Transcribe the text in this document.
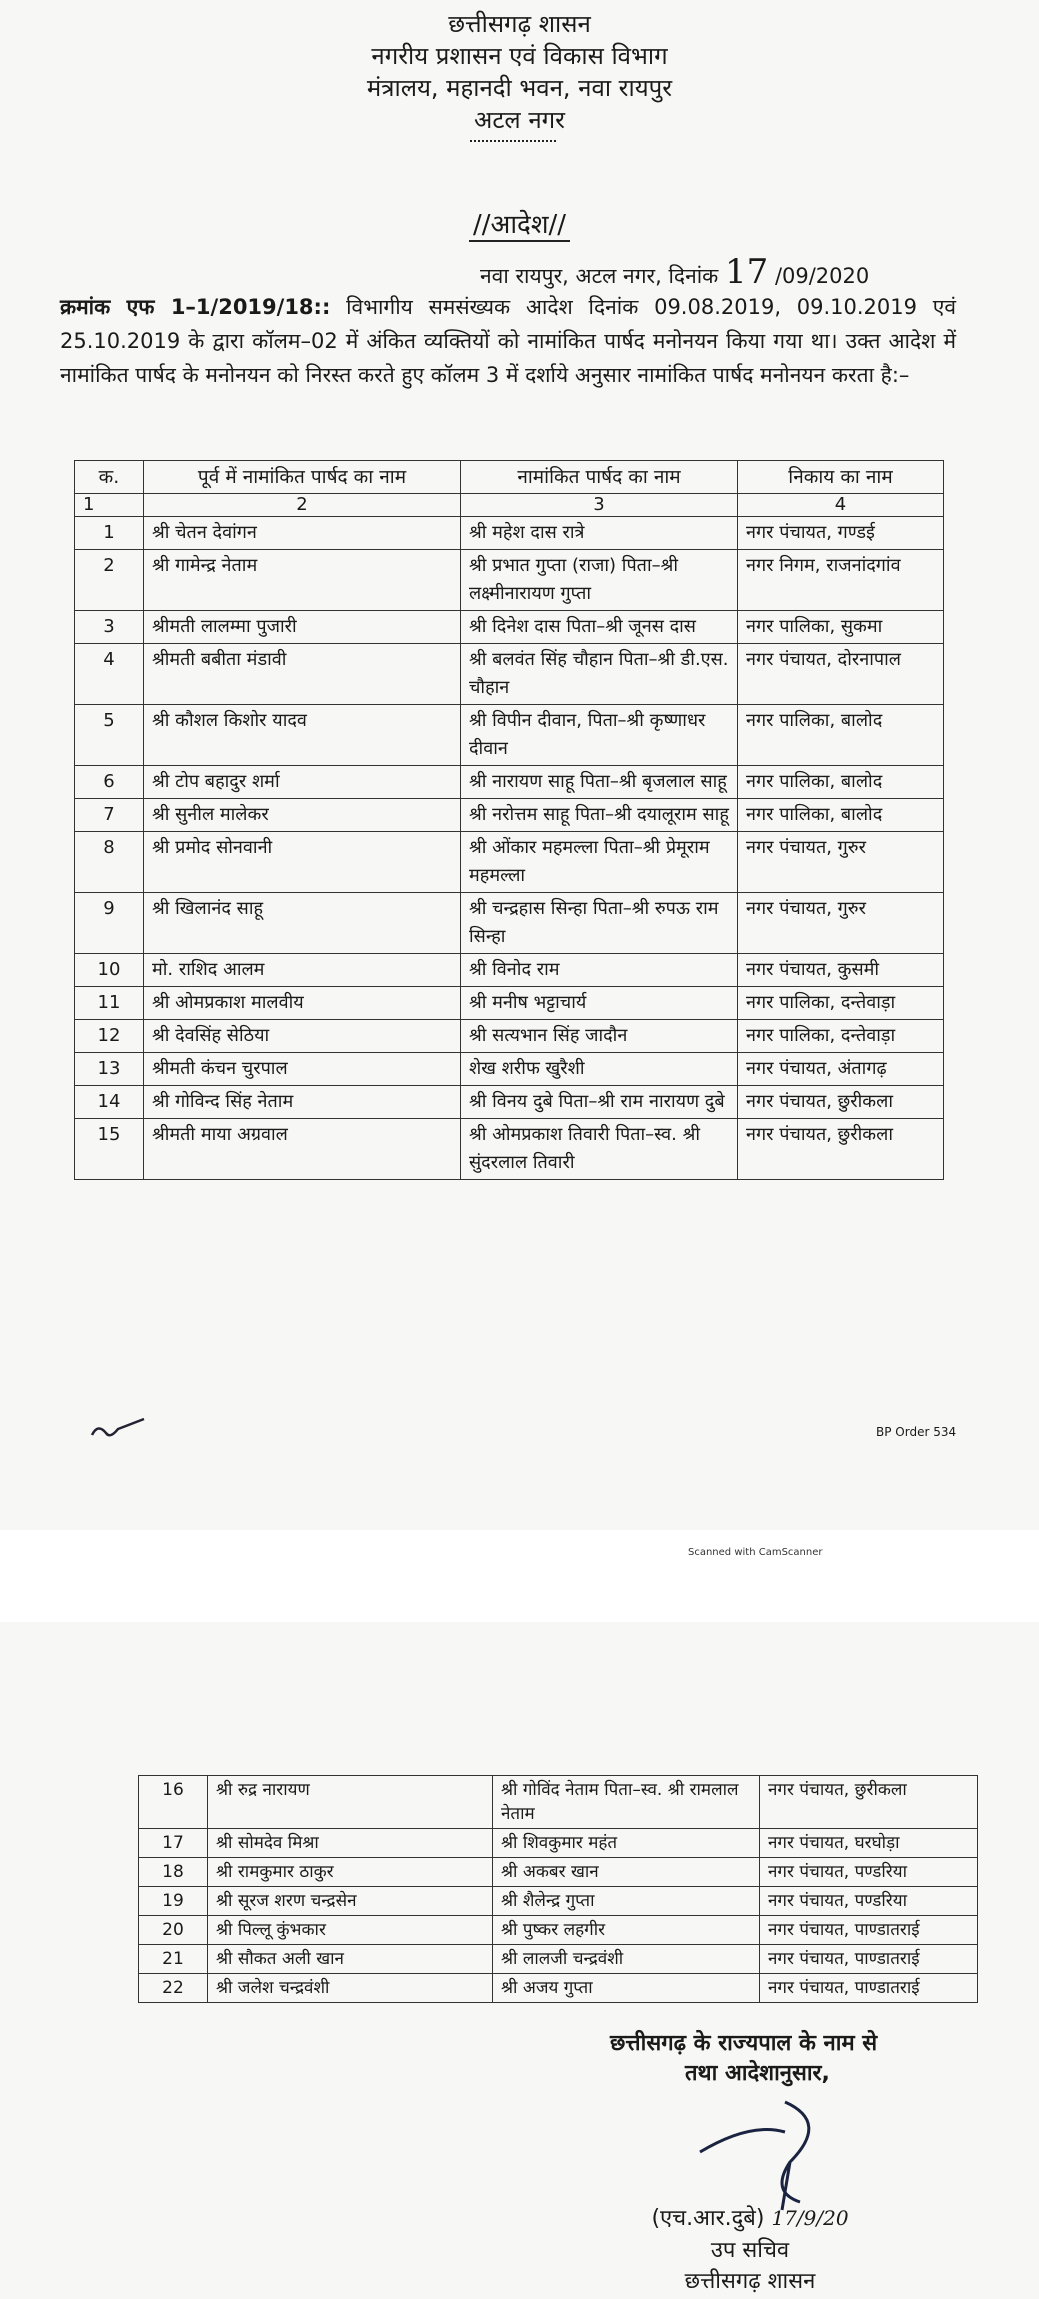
छत्तीसगढ़ शासन
नगरीय प्रशासन एवं विकास विभाग
मंत्रालय, महानदी भवन, नवा रायपुर
अटल नगर
//आदेश//
नवा रायपुर, अटल नगर, दिनांक 17 /09/2020
क्रमांक एफ 1–1/2019/18:: विभागीय समसंख्यक आदेश दिनांक 09.08.2019, 09.10.2019 एवं 25.10.2019 के द्वारा कॉलम–02 में अंकित व्यक्तियों को नामांकित पार्षद मनोनयन किया गया था। उक्त आदेश में नामांकित पार्षद के मनोनयन को निरस्त करते हुए कॉलम 3 में दर्शाये अनुसार नामांकित पार्षद मनोनयन करता है:–
क.	पूर्व में नामांकित पार्षद का नाम	नामांकित पार्षद का नाम	निकाय का नाम
1	2	3	4
1	श्री चेतन देवांगन	श्री महेश दास रात्रे	नगर पंचायत, गण्डई
2	श्री गामेन्द्र नेताम	श्री प्रभात गुप्ता (राजा) पिता–श्री लक्ष्मीनारायण गुप्ता	नगर निगम, राजनांदगांव
3	श्रीमती लालम्मा पुजारी	श्री दिनेश दास पिता–श्री जूनस दास	नगर पालिका, सुकमा
4	श्रीमती बबीता मंडावी	श्री बलवंत सिंह चौहान पिता–श्री डी.एस. चौहान	नगर पंचायत, दोरनापाल
5	श्री कौशल किशोर यादव	श्री विपीन दीवान, पिता–श्री कृष्णाधर दीवान	नगर पालिका, बालोद
6	श्री टोप बहादुर शर्मा	श्री नारायण साहू पिता–श्री बृजलाल साहू	नगर पालिका, बालोद
7	श्री सुनील मालेकर	श्री नरोत्तम साहू पिता–श्री दयालूराम साहू	नगर पालिका, बालोद
8	श्री प्रमोद सोनवानी	श्री ओंकार महमल्ला पिता–श्री प्रेमूराम महमल्ला	नगर पंचायत, गुरुर
9	श्री खिलानंद साहू	श्री चन्द्रहास सिन्हा पिता–श्री रुपऊ राम सिन्हा	नगर पंचायत, गुरुर
10	मो. राशिद आलम	श्री विनोद राम	नगर पंचायत, कुसमी
11	श्री ओमप्रकाश मालवीय	श्री मनीष भट्टाचार्य	नगर पालिका, दन्तेवाड़ा
12	श्री देवसिंह सेठिया	श्री सत्यभान सिंह जादौन	नगर पालिका, दन्तेवाड़ा
13	श्रीमती कंचन चुरपाल	शेख शरीफ खुरैशी	नगर पंचायत, अंतागढ़
14	श्री गोविन्द सिंह नेताम	श्री विनय दुबे पिता–श्री राम नारायण दुबे	नगर पंचायत, छुरीकला
15	श्रीमती माया अग्रवाल	श्री ओमप्रकाश तिवारी पिता–स्व. श्री सुंदरलाल तिवारी	नगर पंचायत, छुरीकला
BP Order 534
Scanned with CamScanner
16	श्री रुद्र नारायण	श्री गोविंद नेताम पिता–स्व. श्री रामलाल नेताम	नगर पंचायत, छुरीकला
17	श्री सोमदेव मिश्रा	श्री शिवकुमार महंत	नगर पंचायत, घरघोड़ा
18	श्री रामकुमार ठाकुर	श्री अकबर खान	नगर पंचायत, पण्डरिया
19	श्री सूरज शरण चन्द्रसेन	श्री शैलेन्द्र गुप्ता	नगर पंचायत, पण्डरिया
20	श्री पिल्लू कुंभकार	श्री पुष्कर लहगीर	नगर पंचायत, पाण्डातराई
21	श्री सौकत अली खान	श्री लालजी चन्द्रवंशी	नगर पंचायत, पाण्डातराई
22	श्री जलेश चन्द्रवंशी	श्री अजय गुप्ता	नगर पंचायत, पाण्डातराई
छत्तीसगढ़ के राज्यपाल के नाम से
तथा आदेशानुसार,
(एच.आर.दुबे) 17/9/20
उप सचिव
छत्तीसगढ़ शासन
